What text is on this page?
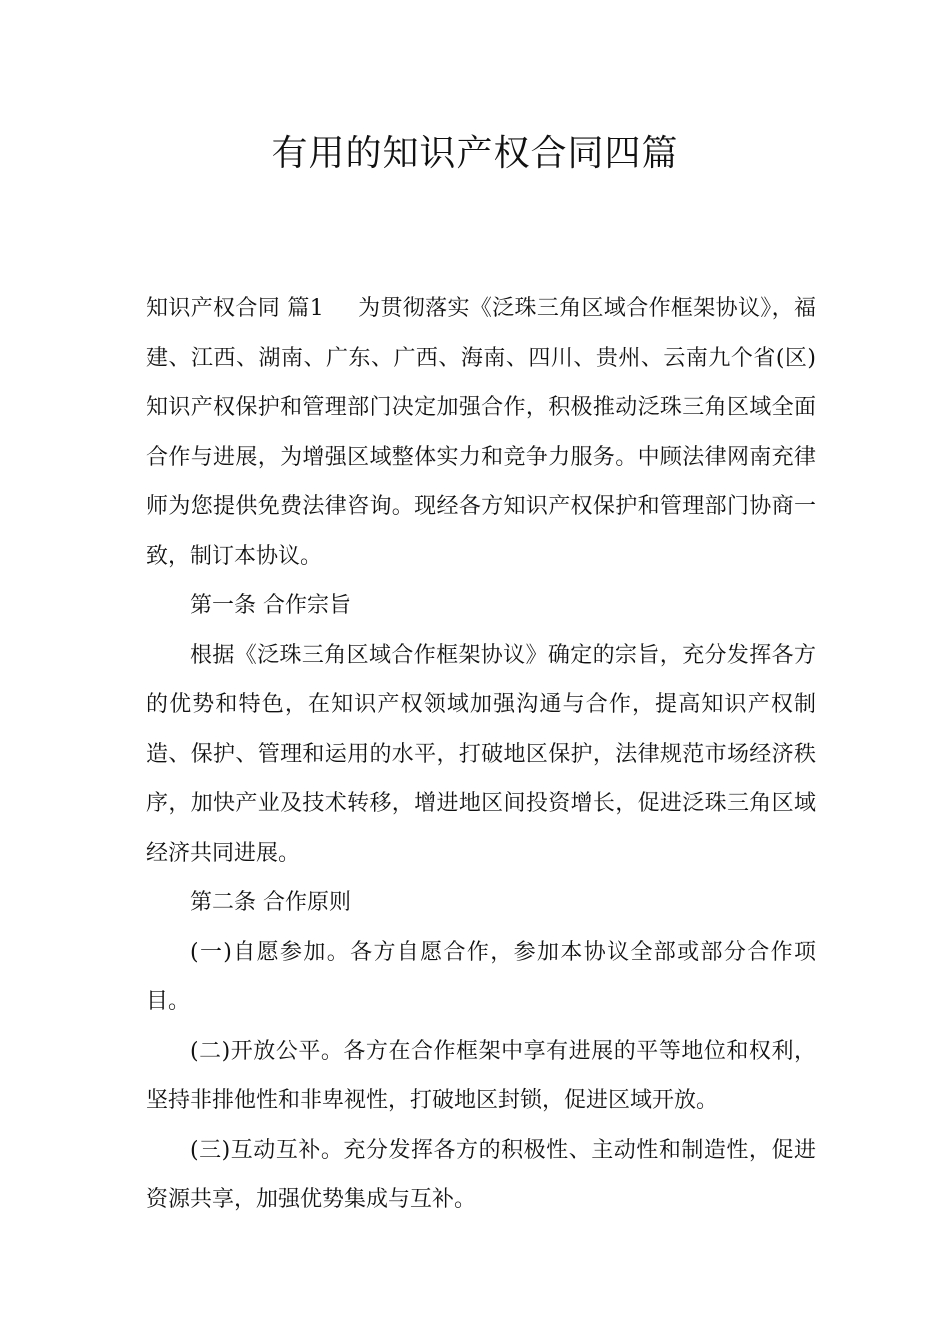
有用的知识产权合同四篇

知识产权合同 篇1 为贯彻落实《泛珠三角区域合作框架协议》，福建、江西、湖南、广东、广西、海南、四川、贵州、云南九个省(区)知识产权保护和管理部门决定加强合作，积极推动泛珠三角区域全面合作与进展，为增强区域整体实力和竞争力服务。中顾法律网南充律师为您提供免费法律咨询。现经各方知识产权保护和管理部门协商一致，制订本协议。

第一条 合作宗旨

根据《泛珠三角区域合作框架协议》确定的宗旨，充分发挥各方的优势和特色，在知识产权领域加强沟通与合作，提高知识产权制造、保护、管理和运用的水平，打破地区保护，法律规范市场经济秩序，加快产业及技术转移，增进地区间投资增长，促进泛珠三角区域经济共同进展。

第二条 合作原则

(一)自愿参加。各方自愿合作，参加本协议全部或部分合作项目。

(二)开放公平。各方在合作框架中享有进展的平等地位和权利，坚持非排他性和非卑视性，打破地区封锁，促进区域开放。

(三)互动互补。充分发挥各方的积极性、主动性和制造性，促进资源共享，加强优势集成与互补。
